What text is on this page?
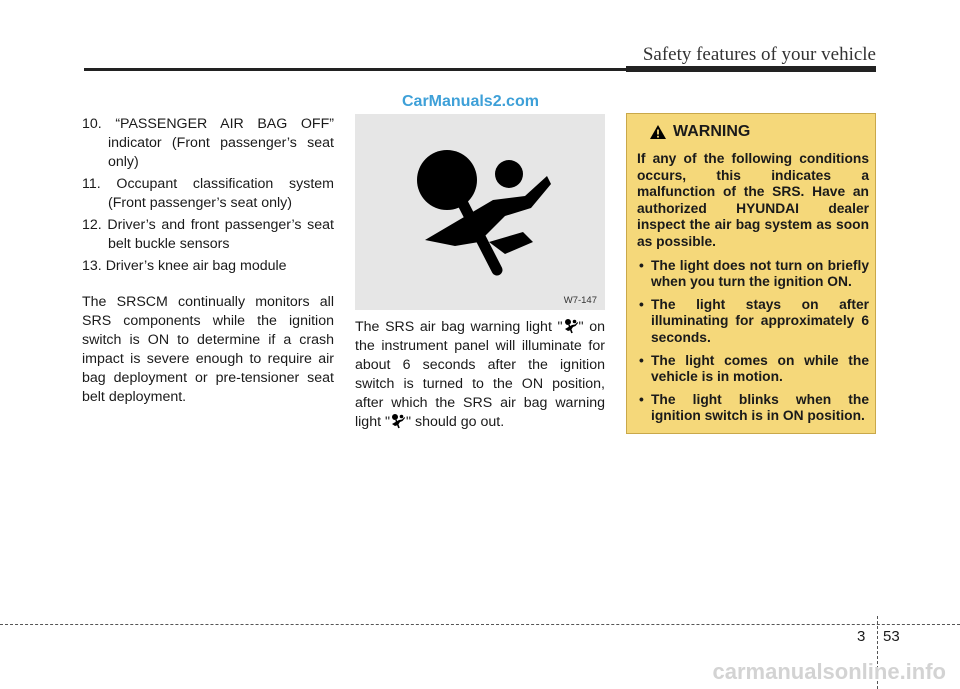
Safety features of your vehicle
CarManuals2.com
10. “PASSENGER AIR BAG OFF” indicator (Front passenger’s seat only)
11. Occupant classification system (Front passenger’s seat only)
12. Driver’s and front passenger’s seat belt buckle sensors
13. Driver’s knee air bag module
The SRSCM continually monitors all SRS components while the ignition switch is ON to determine if a crash impact is severe enough to require air bag deployment or pre-tensioner seat belt deployment.
W7-147
The SRS air bag warning light " " on the instrument panel will illuminate for about 6 seconds after the ignition switch is turned to the ON position, after which the SRS air bag warning light " " should go out.
WARNING
If any of the following conditions occurs, this indicates a malfunction of the SRS. Have an authorized HYUNDAI dealer inspect the air bag system as soon as possible.
• The light does not turn on briefly when you turn the ignition ON.
• The light stays on after illuminating for approximately 6 seconds.
• The light comes on while the vehicle is in motion.
• The light blinks when the ignition switch is in ON position.
3 53
carmanualsonline.info
